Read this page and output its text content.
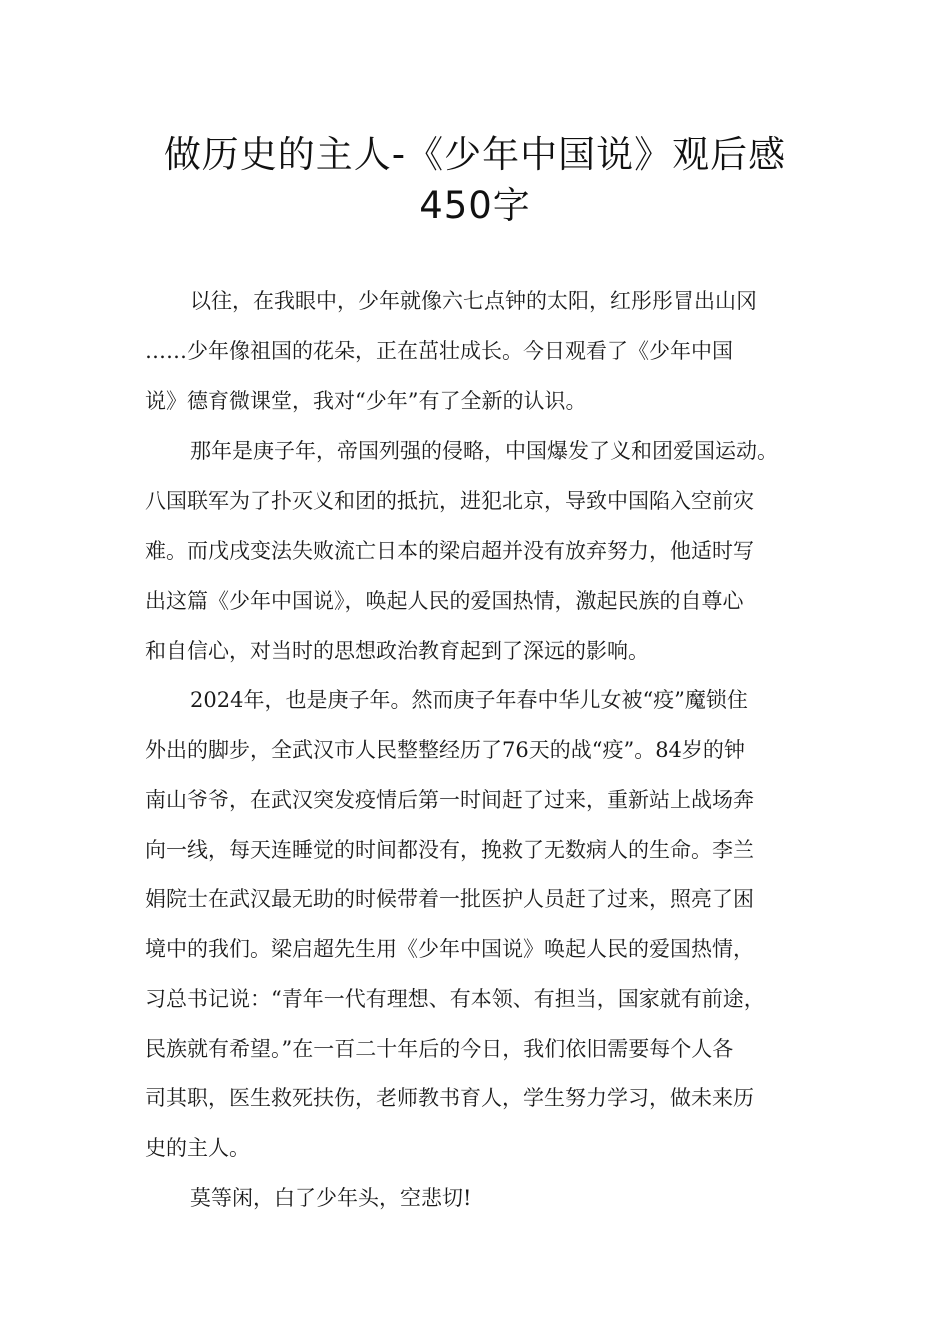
做历史的主人-《少年中国说》观后感
450字
以往，在我眼中，少年就像六七点钟的太阳，红彤彤冒出山冈
……少年像祖国的花朵，正在茁壮成长。今日观看了《少年中国
说》德育微课堂，我对“少年”有了全新的认识。
那年是庚子年，帝国列强的侵略，中国爆发了义和团爱国运动。
八国联军为了扑灭义和团的抵抗，进犯北京，导致中国陷入空前灾
难。而戊戌变法失败流亡日本的梁启超并没有放弃努力，他适时写
出这篇《少年中国说》，唤起人民的爱国热情，激起民族的自尊心
和自信心，对当时的思想政治教育起到了深远的影响。
2024年，也是庚子年。然而庚子年春中华儿女被“疫”魔锁住
外出的脚步，全武汉市人民整整经历了76天的战“疫”。84岁的钟
南山爷爷，在武汉突发疫情后第一时间赶了过来，重新站上战场奔
向一线，每天连睡觉的时间都没有，挽救了无数病人的生命。李兰
娟院士在武汉最无助的时候带着一批医护人员赶了过来，照亮了困
境中的我们。梁启超先生用《少年中国说》唤起人民的爱国热情，
习总书记说：“青年一代有理想、有本领、有担当，国家就有前途，
民族就有希望。”在一百二十年后的今日，我们依旧需要每个人各
司其职，医生救死扶伤，老师教书育人，学生努力学习，做未来历
史的主人。
莫等闲，白了少年头，空悲切!
